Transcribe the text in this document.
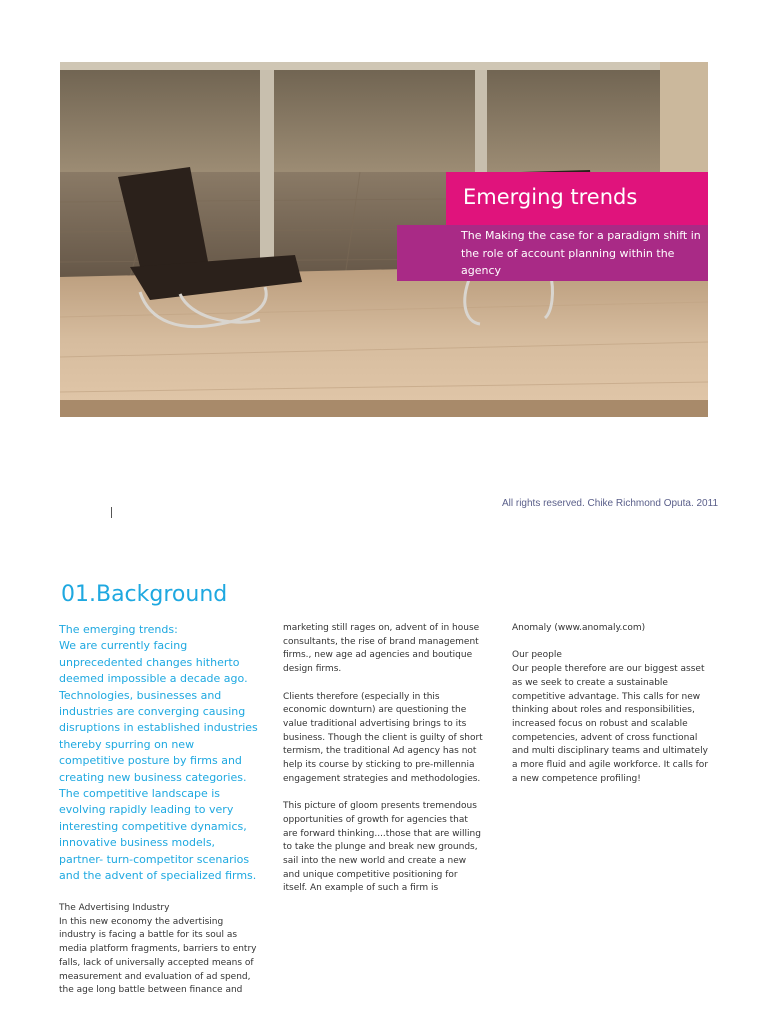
Emerging trends
The Making the case for a paradigm shift in the role of account planning within the agency
All rights reserved. Chike Richmond Oputa. 2011
01.Background

The emerging trends:

We are currently facing unprecedented changes hitherto deemed impossible a decade ago. Technologies, businesses and industries are converging causing disruptions in established industries thereby spurring on new competitive posture by firms and creating new business categories. The competitive landscape is evolving rapidly leading to very interesting competitive dynamics, innovative business models, partner- turn-competitor scenarios and the advent of specialized firms.

The Advertising Industry

In this new economy the advertising industry is facing a battle for its soul as media platform fragments, barriers to entry falls, lack of universally accepted means of measurement and evaluation of ad spend, the age long battle between finance and

marketing still rages on, advent of in house consultants, the rise of brand management firms., new age ad agencies and boutique design firms.

Clients therefore (especially in this economic downturn) are questioning the value traditional advertising brings to its business. Though the client is guilty of short termism, the traditional Ad agency has not help its course by sticking to pre-millennia engagement strategies and methodologies.

This picture of gloom presents tremendous opportunities of growth for agencies that are forward thinking....those that are willing to take the plunge and break new grounds, sail into the new world and create a new and unique competitive positioning for itself. An example of such a firm is

Anomaly (www.anomaly.com)

Our people

Our people therefore are our biggest asset as we seek to create a sustainable competitive advantage. This calls for new thinking about roles and responsibilities, increased focus on robust and scalable competencies, advent of cross functional and multi disciplinary teams and ultimately a more fluid and agile workforce. It calls for a new competence profiling!
